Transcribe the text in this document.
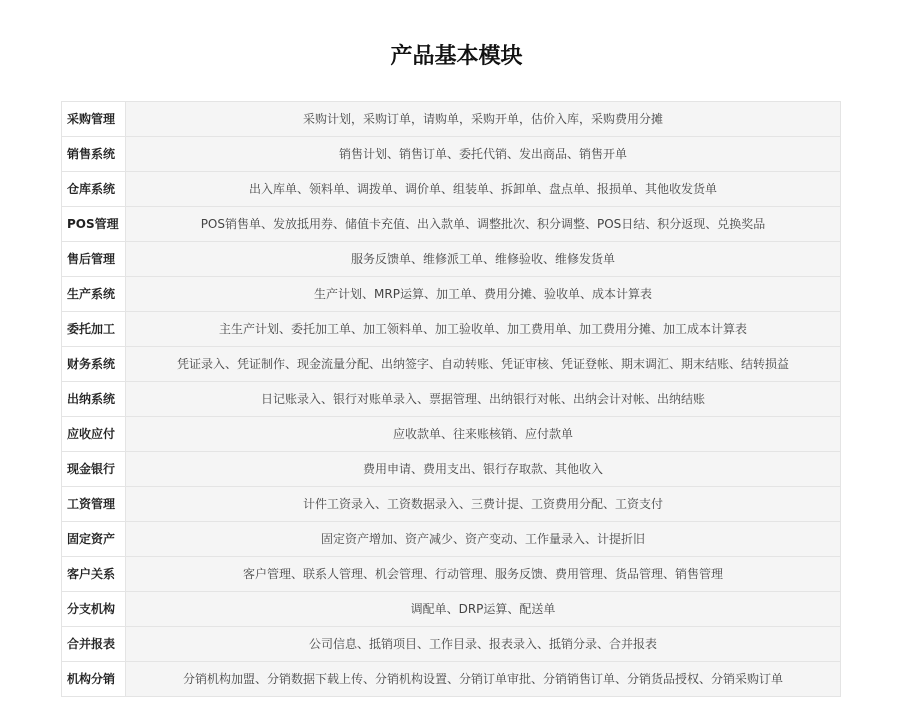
产品基本模块
采购管理	采购计划，采购订单，请购单，采购开单，估价入库，采购费用分摊
销售系统	销售计划、销售订单、委托代销、发出商品、销售开单
仓库系统	出入库单、领料单、调拨单、调价单、组装单、拆卸单、盘点单、报损单、其他收发货单
POS管理	POS销售单、发放抵用券、储值卡充值、出入款单、调整批次、积分调整、POS日结、积分返现、兑换奖品
售后管理	服务反馈单、维修派工单、维修验收、维修发货单
生产系统	生产计划、MRP运算、加工单、费用分摊、验收单、成本计算表
委托加工	主生产计划、委托加工单、加工领料单、加工验收单、加工费用单、加工费用分摊、加工成本计算表
财务系统	凭证录入、凭证制作、现金流量分配、出纳签字、自动转账、凭证审核、凭证登帐、期末调汇、期末结账、结转损益
出纳系统	日记账录入、银行对账单录入、票据管理、出纳银行对帐、出纳会计对帐、出纳结账
应收应付	应收款单、往来账核销、应付款单
现金银行	费用申请、费用支出、银行存取款、其他收入
工资管理	计件工资录入、工资数据录入、三费计提、工资费用分配、工资支付
固定资产	固定资产增加、资产减少、资产变动、工作量录入、计提折旧
客户关系	客户管理、联系人管理、机会管理、行动管理、服务反馈、费用管理、货品管理、销售管理
分支机构	调配单、DRP运算、配送单
合并报表	公司信息、抵销项目、工作目录、报表录入、抵销分录、合并报表
机构分销	分销机构加盟、分销数据下载上传、分销机构设置、分销订单审批、分销销售订单、分销货品授权、分销采购订单
